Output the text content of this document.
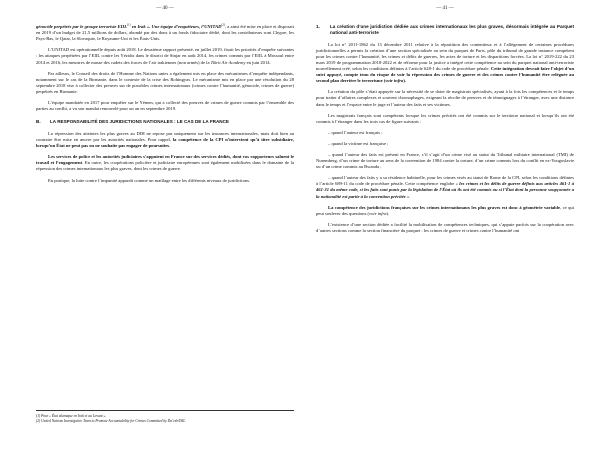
— 40 —

génocide perpétrés par le groupe terroriste EIIL$^{(1)}$ en Irak ». Une équipe d’enquêteurs, l’UNITAD$^{(2)}$, a ainsi été mise en place et disposait en 2019 d’un budget de 21,5 millions de dollars, abondé par des dons à un fonds fiduciaire dédié, dont les contributeurs sont Chypre, les Pays-Bas, le Qatar, la Slovaquie, le Royaume-Uni et les États-Unis.

L’UNITAD est opérationnelle depuis août 2018. Le deuxième rapport présenté, en juillet 2019, fixait les priorités d’enquête suivantes : les attaques perpétrées par l’EIIL contre les Yézidis dans le district de Sinjar en août 2014, les crimes commis par l’EIIL à Mossoul entre 2014 et 2016, les meurtres de masse des cadets des forces de l’air irakiennes (non armés) de la Tikrit Air Academy en juin 2014.

Par ailleurs, le Conseil des droits de l’Homme des Nations unies a également mis en place des mécanismes d’enquête indépendants, notamment sur le cas de la Birmanie, dans le contexte de la crise des Rohingyas. Le mécanisme mis en place par une résolution du 28 septembre 2018 vise à collecter des preuves sur de possibles crimes internationaux (crimes contre l’humanité, génocide, crimes de guerre) perpétrés en Birmanie.

L’équipe mandatée en 2017 pour enquêter sur le Yémen, qui a collecté des preuves de crimes de guerre commis par l’ensemble des parties au conflit, a vu son mandat renouvelé pour un an en septembre 2019.

B.	LA RESPONSABILITÉ DES JURIDICTIONS NATIONALES : LE CAS DE LA FRANCE

La répression des atteintes les plus graves au DIH ne repose pas uniquement sur les instances internationales, mais doit bien au contraire être mise en œuvre par les autorités nationales. Pour rappel, la compétence de la CPI n’intervient qu’à titre subsidiaire, lorsqu’un État ne peut pas ou ne souhaite pas engager de poursuites.

Les services de police et les autorités judiciaires s’appuient en France sur des services dédiés, dont vos rapporteurs saluent le travail et l’engagement. En outre, les coopérations policière et judiciaire européennes sont également mobilisées dans le domaine de la répression des crimes internationaux les plus graves, dont les crimes de guerre.

En pratique, la lutte contre l’impunité apparaît comme un maillage entre les différents niveaux de juridictions.

(1) Pour « État islamique en Irak et au Levant ».
(2) United Nations Investigative Team to Promote Accountability for Crimes Committed by Da’esh/ISIL.
— 41 —
1.	La création d’une juridiction dédiée aux crimes internationaux les plus graves, désormais intégrée au Parquet national anti-terroriste

La loi n° 2011-1862 du 13 décembre 2011 relative à la répartition des contentieux et à l’allègement de certaines procédures juridictionnelles a permis la création d’une section spécialisée au sein du parquet de Paris, pôle du tribunal de grande instance compétent pour les crimes contre l’humanité, les crimes et délits de guerres, les actes de torture et les disparitions forcées. La loi n° 2019-222 du 23 mars 2019 de programmation 2018-2022 et de réforme pour la justice a intégré cette compétence au sein du parquet national anti-terroriste nouvellement créé, selon les conditions définies à l’article 628-1 du code de procédure pénale. Cette intégration devrait faire l’objet d’un suivi appuyé, compte tenu du risque de voir la répression des crimes de guerre et des crimes contre l’humanité être reléguée au second plan derrière le terrorisme (voir infra).

La création du pôle s’était appuyée sur la nécessité de se doter de magistrats spécialisés, ayant à la fois les compétences et le temps pour traiter d’affaires complexes et souvent chronophages, exigeant la récolte de preuves et de témoignages à l’étranger, avec une distance dans le temps et l’espace entre le juge et l’auteur des faits et ses victimes.

Les magistrats français sont compétents lorsque les crimes précités ont été commis sur le territoire national et lorsqu’ils ont été commis à l’étranger dans les trois cas de figure suivants :

– quand l’auteur est français ;

– quand la victime est française ;

– quand l’auteur des faits est présent en France, s’il s’agit d’un crime visé au statut du Tribunal militaire international (TMI) de Nuremberg, d’un crime de torture au sens de la convention de 1984 contre la torture, d’un crime commis lors du conflit en ex-Yougoslavie ou d’un crime commis au Rwanda ;

– quand l’auteur des faits y a sa résidence habituelle, pour les crimes visés au statut de Rome de la CPI, selon les conditions définies à l’article 689-11 du code de procédure pénale. Cette compétence englobe « les crimes et les délits de guerre définis aux articles 461-1 à 461-31 du même code, si les faits sont punis par la législation de l’État où ils ont été commis ou si l’État dont la personne soupçonnée a la nationalité est partie à la convention précitée ».

La compétence des juridictions françaises sur les crimes internationaux les plus graves est donc à géométrie variable, ce qui peut soulever des questions (voir infra).

L’existence d’une section dédiée a facilité la mobilisation de compétences techniques, qui s’appuie parfois sur la coopération avec d’autres sections comme la section financière du parquet : les crimes de guerre et crimes contre l’humanité ont
